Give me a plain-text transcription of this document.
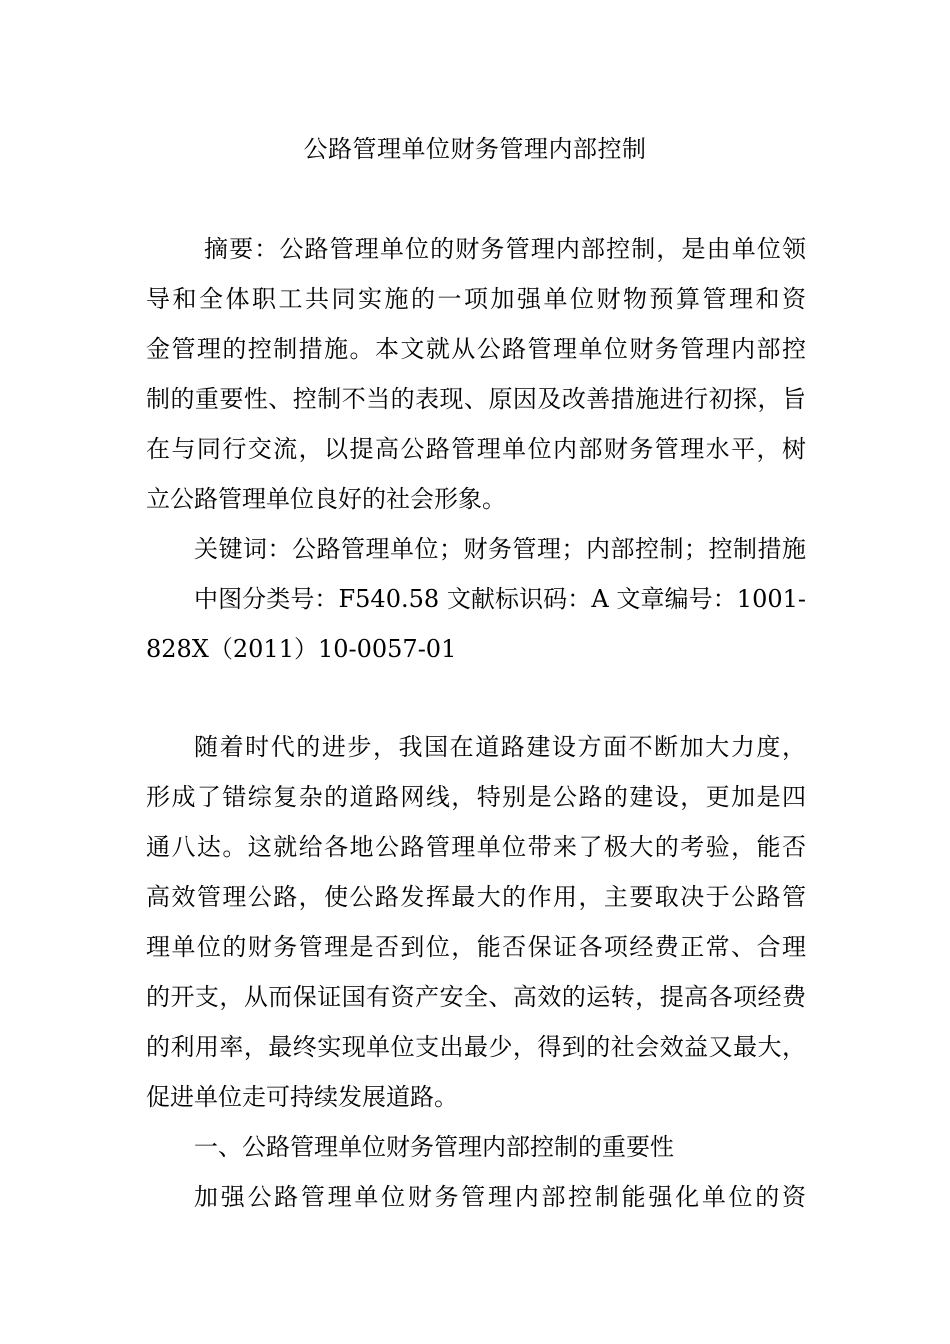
公路管理单位财务管理内部控制
摘要：公路管理单位的财务管理内部控制，是由单位领
导和全体职工共同实施的一项加强单位财物预算管理和资
金管理的控制措施。本文就从公路管理单位财务管理内部控
制的重要性、控制不当的表现、原因及改善措施进行初探，旨
在与同行交流，以提高公路管理单位内部财务管理水平，树
立公路管理单位良好的社会形象。
关键词：公路管理单位；财务管理；内部控制；控制措施
中图分类号：F540.58 文献标识码：A 文章编号：1001-
828X（2011）10-0057-01
随着时代的进步，我国在道路建设方面不断加大力度，
形成了错综复杂的道路网线，特别是公路的建设，更加是四
通八达。这就给各地公路管理单位带来了极大的考验，能否
高效管理公路，使公路发挥最大的作用，主要取决于公路管
理单位的财务管理是否到位，能否保证各项经费正常、合理
的开支，从而保证国有资产安全、高效的运转，提高各项经费
的利用率，最终实现单位支出最少，得到的社会效益又最大，
促进单位走可持续发展道路。
一、公路管理单位财务管理内部控制的重要性
加强公路管理单位财务管理内部控制能强化单位的资
